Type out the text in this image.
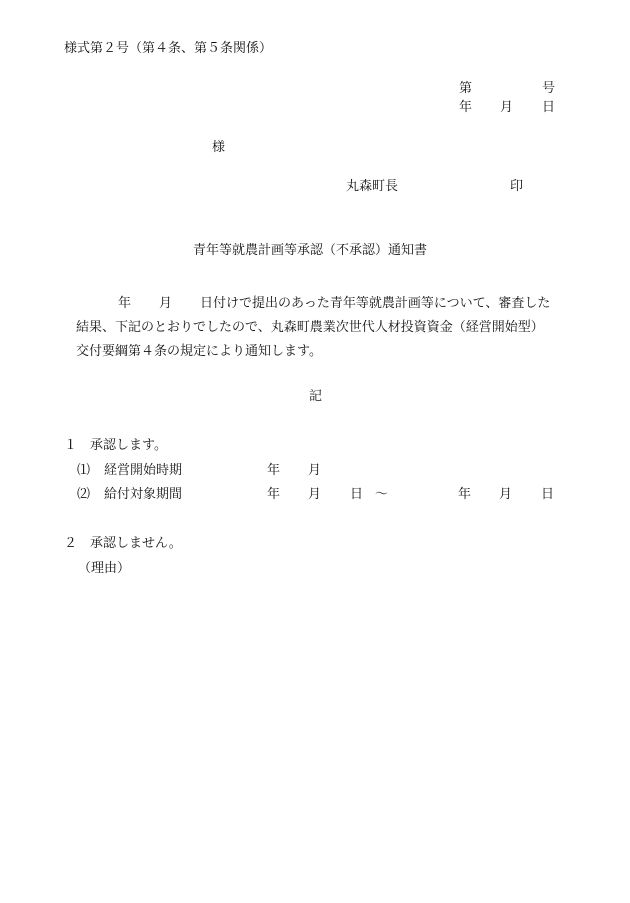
様式第２号（第４条、第５条関係）
第	号
年 月 日
様
丸森町長	印
青年等就農計画等承認（不承認）通知書
年 月 日付けで提出のあった青年等就農計画等について、審査した
結果、下記のとおりでしたので、丸森町農業次世代人材投資資金（経営開始型）
交付要綱第４条の規定により通知します。
記
１　承認します。
⑴ 経営開始時期	年 月
⑵ 給付対象期間	年 月 日 ～	年 月 日
２　承認しません。
（理由）
